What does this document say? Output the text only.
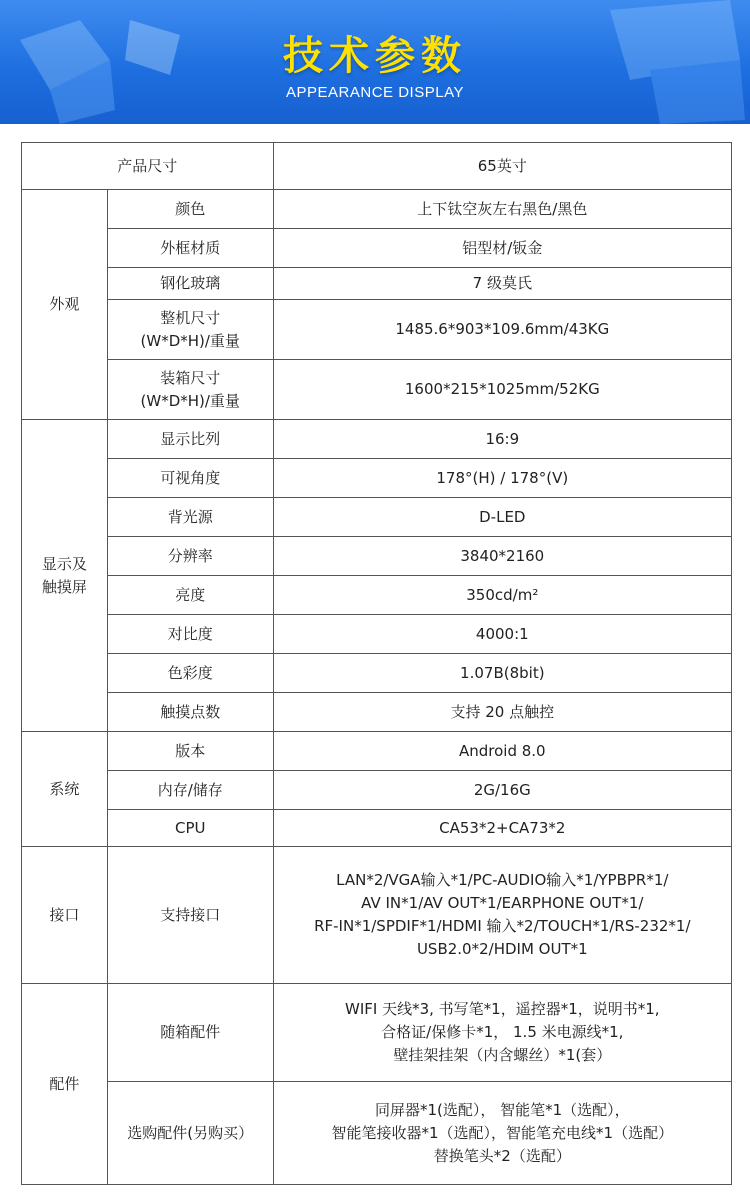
技术参数
APPEARANCE DISPLAY
产品尺寸		65英寸
外观	颜色	上下钛空灰左右黑色/黑色
	外框材质	铝型材/钣金
	钢化玻璃	7 级莫氏

	整机尺寸
(W*D*H)/重量	1485.6*903*109.6mm/43KG

	装箱尺寸
(W*D*H)/重量	1600*215*1025mm/52KG

显示及
触摸屏	显示比列	16:9
	可视角度	178°(H) / 178°(V)
	背光源	D-LED
	分辨率	3840*2160
	亮度	350cd/m²
	对比度	4000:1
	色彩度	1.07B(8bit)
	触摸点数	支持 20 点触控
系统	版本	Android 8.0
	内存/储存	2G/16G
	CPU	CA53*2+CA73*2
接口	支持接口	LAN*2/VGA输入*1/PC-AUDIO输入*1/YPBPR*1/
AV IN*1/AV OUT*1/EARPHONE OUT*1/
RF-IN*1/SPDIF*1/HDMI 输入*2/TOUCH*1/RS-232*1/
USB2.0*2/HDIM OUT*1

配件	随箱配件	WIFI 天线*3, 书写笔*1，遥控器*1，说明书*1,
合格证/保修卡*1， 1.5 米电源线*1,
壁挂架挂架（内含螺丝）*1(套）

	选购配件(另购买）	同屏器*1(选配）， 智能笔*1（选配），
智能笔接收器*1（选配），智能笔充电线*1（选配）
替换笔头*2（选配）
